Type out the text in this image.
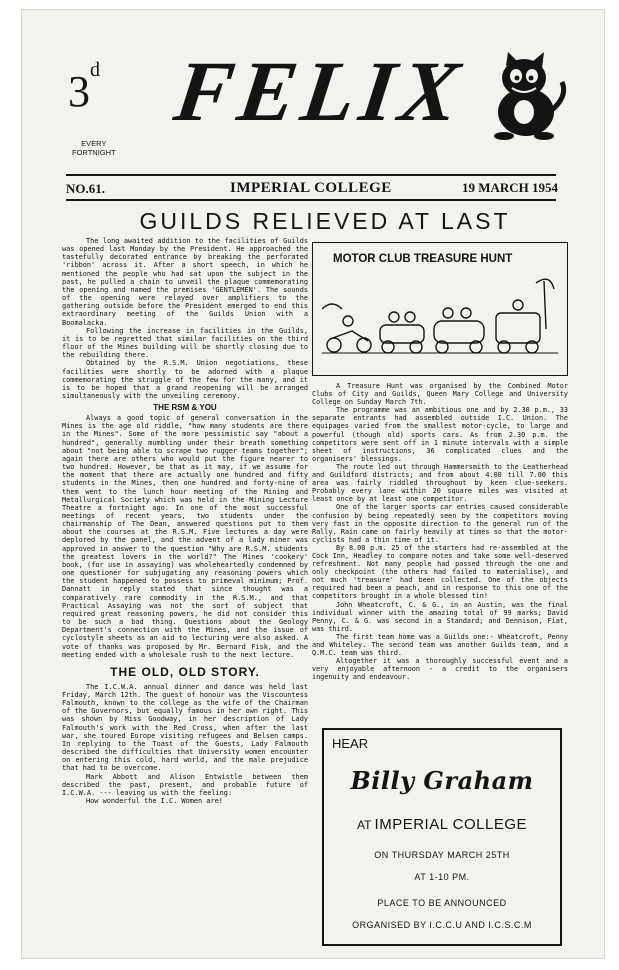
3$^d$
EVERY
FORTNIGHT
FELIX
NO.61.	IMPERIAL COLLEGE	19 MARCH 1954
GUILDS RELIEVED AT LAST

The long awaited addition to the facilities of Guilds was opened last Monday by the President. He approached the tastefully decorated entrance by breaking the perforated 'ribbon' across it. After a short speech, in which he mentioned the people who had sat upon the subject in the past, he pulled a chain to unveil the plaque commemorating the opening and named the premises 'GENTLEMEN'. The sounds of the opening were relayed over amplifiers to the gathering outside before the President emerged to end this extraordinary meeting of the Guilds Union with a Boomalacka.

Following the increase in facilities in the Guilds, it is to be regretted that similar facilities on the third floor of the Mines building will be shortly closing due to the rebuilding there.

Obtained by the R.S.M. Union negotiations, these facilities were shortly to be adorned with a plaque commemorating the struggle of the few for the many, and it is to be hoped that a grand reopening will be arranged simultaneously with the unveiling ceremony.

THE RSM & YOU

Always a good topic of general conversation in the Mines is the age old riddle, "how many students are there in the Mines". Some of the more pessimistic say "about a hundred", generally mumbling under their breath something about "not being able to scrape two rugger teams together"; again there are others who would put the figure nearer to two hundred. However, be that as it may, if we assume for the moment that there are actually one hundred and fifty students in the Mines, then one hundred and forty-nine of them went to the lunch hour meeting of the Mining and Metallurgical Society which was held in the Mining Lecture Theatre a fortnight ago. In one of the most successful meetings of recent years, two students under the chairmanship of The Dean, answered questions put to them about the courses at the R.S.M. Five lectures a day were deplored by the panel, and the advent of a lady miner was approved in answer to the question "Why are R.S.M. students the greatest lovers in the world?" The Mines 'cookery' book, (for use in assaying) was wholeheartedly condemned by one questioner for subjugating any reasoning powers which the student happened to possess to primeval minimum; Prof. Dannatt in reply stated that since thought was a comparatively rare commodity in the R.S.M., and that Practical Assaying was not the sort of subject that required great reasoning powers, he did not consider this to be such a bad thing. Questions about the Geology Department's connection with the Mines, and the issue of cyclostyle sheets as an aid to lecturing were also asked. A vote of thanks was proposed by Mr. Bernard Fisk, and the meeting ended with a wholesale rush to the next lecture.

THE OLD, OLD STORY.

The I.C.W.A. annual dinner and dance was held last Friday, March 12th. The guest of honour was the Viscountess Falmouth, known to the college as the wife of the Chairman of the Governors, but equally famous in her own right. This was shown by Miss Goodway, in her description of Lady Falmouth's work with the Red Cross, when after the last war, she toured Europe visiting refugees and Belsen camps. In replying to the Toast of the Guests, Lady Falmouth described the difficulties that University women encounter on entering this cold, hard world, and the male prejudice that had to be overcome.

Mark Abbott and Alison Entwistle between them described the past, present, and probable future of I.C.W.A. --- leaving us with the feeling:

How wonderful the I.C. Women are!

MOTOR CLUB TREASURE HUNT

A Treasure Hunt was organised by the Combined Motor Clubs of City and Guilds, Queen Mary College and University College on Sunday March 7th.

The programme was an ambitious one and by 2.30 p.m., 33 separate entrants had assembled outside I.C. Union. The equipages varied from the smallest motor-cycle, to large and powerful (though old) sports cars. As from 2.30 p.m. the competitors were sent off in 1 minute intervals with a simple sheet of instructions, 36 complicated clues and the organisers' blessings.

The route led out through Hammersmith to the Leatherhead and Guildford districts; and from about 4.00 till 7.00 this area was fairly riddled throughout by keen clue-seekers. Probably every lane within 20 square miles was visited at least once by at least one competitor.

One of the larger sports car entries caused considerable confusion by being repeatedly seen by the competitors moving very fast in the opposite direction to the general run of the Rally. Rain came on fairly heavily at times so that the motor-cyclists had a thin time of it.

By 8.00 p.m. 25 of the starters had re-assembled at the Cock Inn, Headley to compare notes and take some well-deserved refreshment. Not many people had passed through the one and only checkpoint (the others had failed to materialise), and not much 'treasure' had been collected. One of the objects required had been a peach, and in response to this one of the competitors brought in a whole blessed tin!

John Wheatcroft, C. & G., in an Austin, was the final individual winner with the amazing total of 99 marks; David Penny, C. & G. was second in a Standard; and Dennison, Fiat, was third.

The first team home was a Guilds one:- Wheatcroft, Penny and Whiteley. The second team was another Guilds team, and a Q.M.C. team was third.

Altogether it was a thoroughly successful event and a very enjoyable afternoon - a credit to the organisers ingenuity and endeavour.

HEAR
Billy Graham
AT IMPERIAL COLLEGE
ON THURSDAY MARCH 25TH
AT 1-10 PM.
PLACE TO BE ANNOUNCED
ORGANISED BY I.C.C.U AND I.C.S.C.M
